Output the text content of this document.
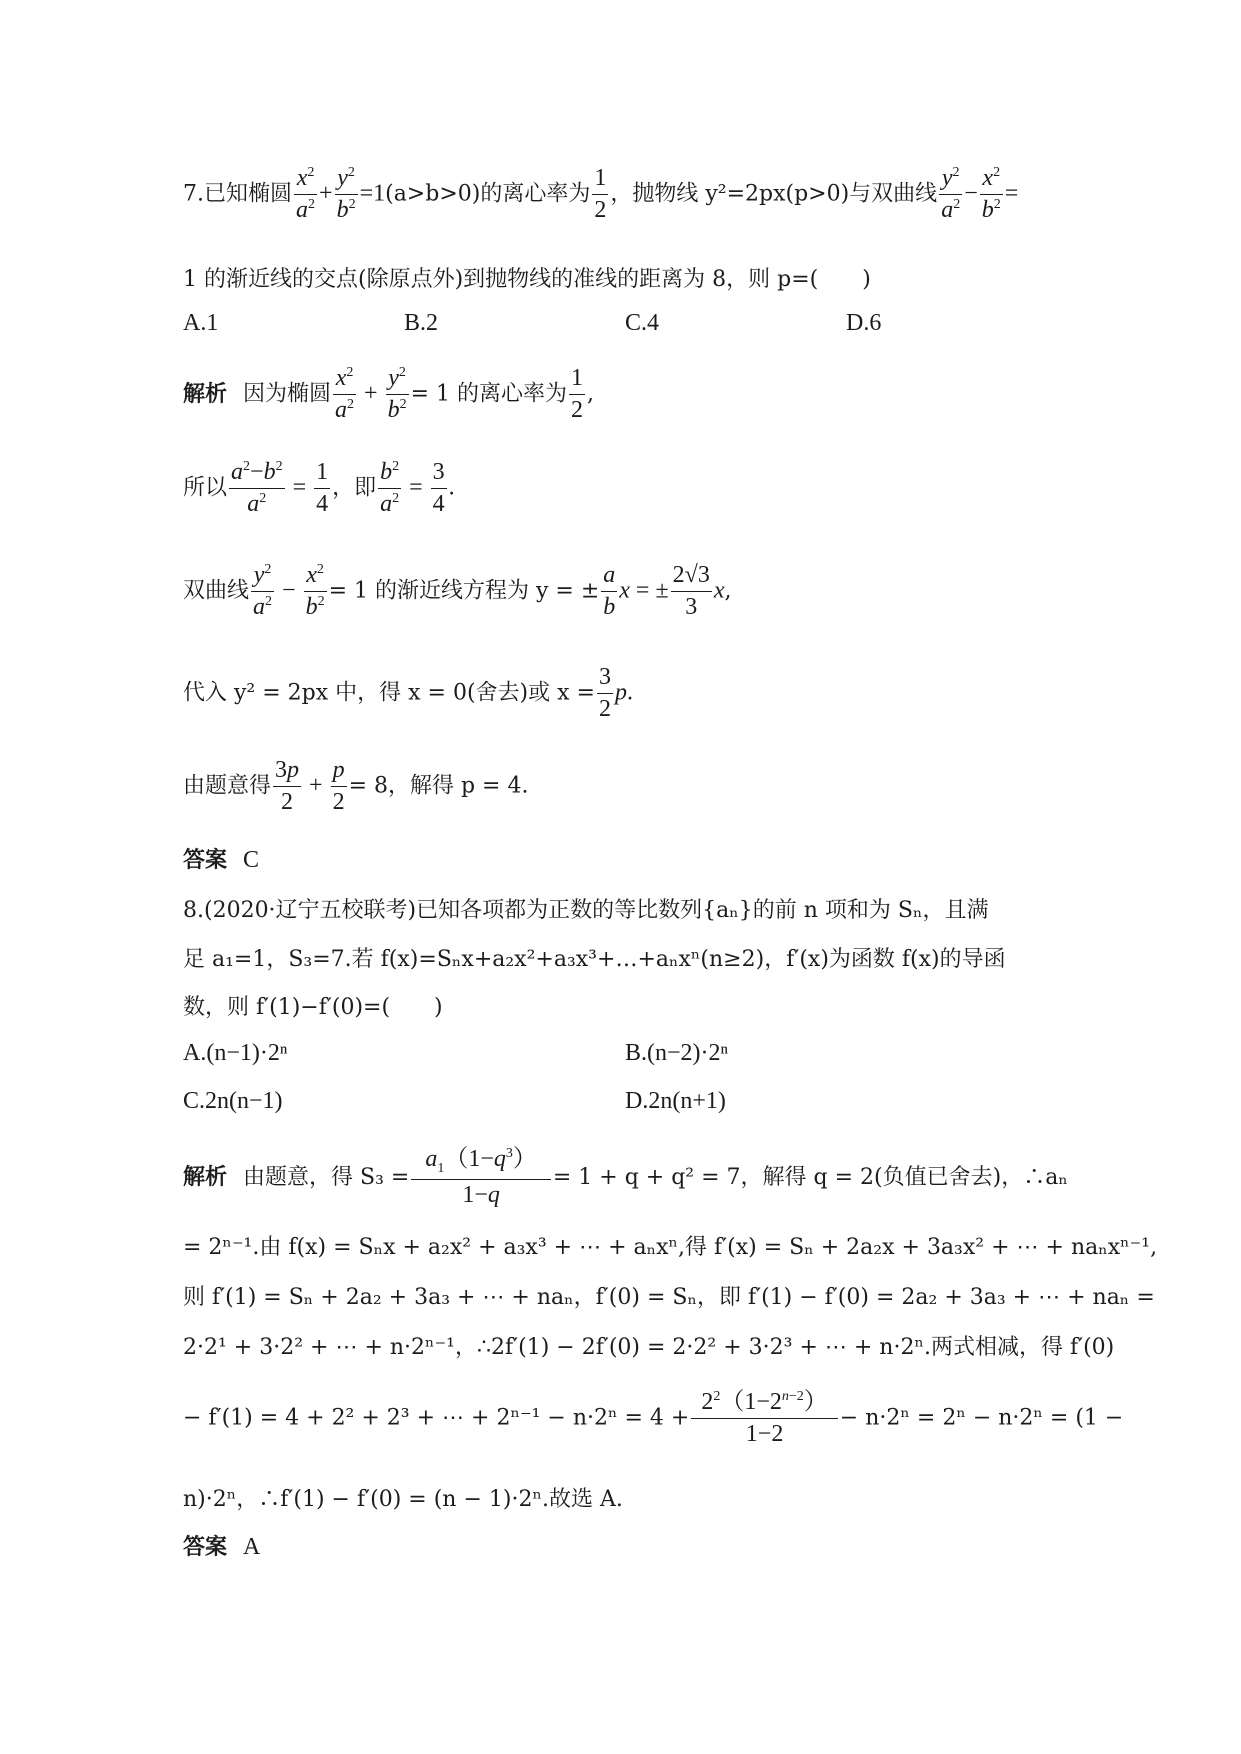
7.已知椭圆 $\frac{x^2}{a^2} + \frac{y^2}{b^2} =1(a>b>0)$的离心率为 $\frac{1}{2}$ ，抛物线 y²=2px(p>0)与双曲线 $\frac{y^2}{a^2} - \frac{x^2}{b^2}$ =
1 的渐近线的交点(除原点外)到抛物线的准线的距离为 8，则 p=(　　)
A.1	B.2	C.4	D.6
解析 因为椭圆 $\frac{x^2}{a^2} + \frac{y^2}{b^2} = 1$ 的离心率为 $\frac{1}{2}$ ,
所以 $\frac{a^2-b^2}{a^2} = \frac{1}{4}$ ，即 $\frac{b^2}{a^2} = \frac{3}{4}$ .
双曲线 $\frac{y^2}{a^2} - \frac{x^2}{b^2} = 1$ 的渐近线方程为 y = ± $\frac{a}{b}$ x = ± $\frac{2√3}{3} x$,
代入 y² = 2px 中，得 x = 0(舍去)或 $x = \frac{3}{2} p$.
由题意得 $\frac{3p}{2} + \frac{p}{2} = 8$，解得 p = 4.
答案 C
8.(2020·辽宁五校联考)已知各项都为正数的等比数列{aₙ}的前 n 项和为 Sₙ，且满
足 a₁=1，S₃=7.若 f(x)=Sₙx+a₂x²+a₃x³+…+aₙxⁿ(n≥2)，f′(x)为函数 f(x)的导函
数，则 f′(1)−f′(0)=(　　)
A.(n−1)·2ⁿ	B.(n−2)·2ⁿ
C.2n(n−1)	D.2n(n+1)
解析 由题意，得 $S_3 = \frac{a_1(1-q^3)}{1-q} = 1 + q + q^2 = 7$，解得 q = 2(负值已舍去)，∴aₙ
= 2ⁿ⁻¹.由 f(x) = Sₙx + a₂x² + a₃x³ + ⋯ + aₙxⁿ,得 f′(x) = Sₙ + 2a₂x + 3a₃x² + ⋯ + naₙxⁿ⁻¹,
则 f′(1) = Sₙ + 2a₂ + 3a₃ + ⋯ + naₙ，f′(0) = Sₙ，即 f′(1) − f′(0) = 2a₂ + 3a₃ + ⋯ + naₙ =
2·2¹ + 3·2² + ⋯ + n·2ⁿ⁻¹，∴2f′(1) − 2f′(0) = 2·2² + 3·2³ + ⋯ + n·2ⁿ.两式相减，得 f′(0)
− f′(1) = 4 + 2² + 2³ + ⋯ + $2^{n-1} - n\cdot 2^n = 4 + \frac{2^2(1-2^{n-2})}{1-2} - n\cdot 2^n = 2^n - n\cdot 2^n = (1$ −
n)·2ⁿ，∴f′(1) − f′(0) = (n − 1)·2ⁿ.故选 A.
答案 A
